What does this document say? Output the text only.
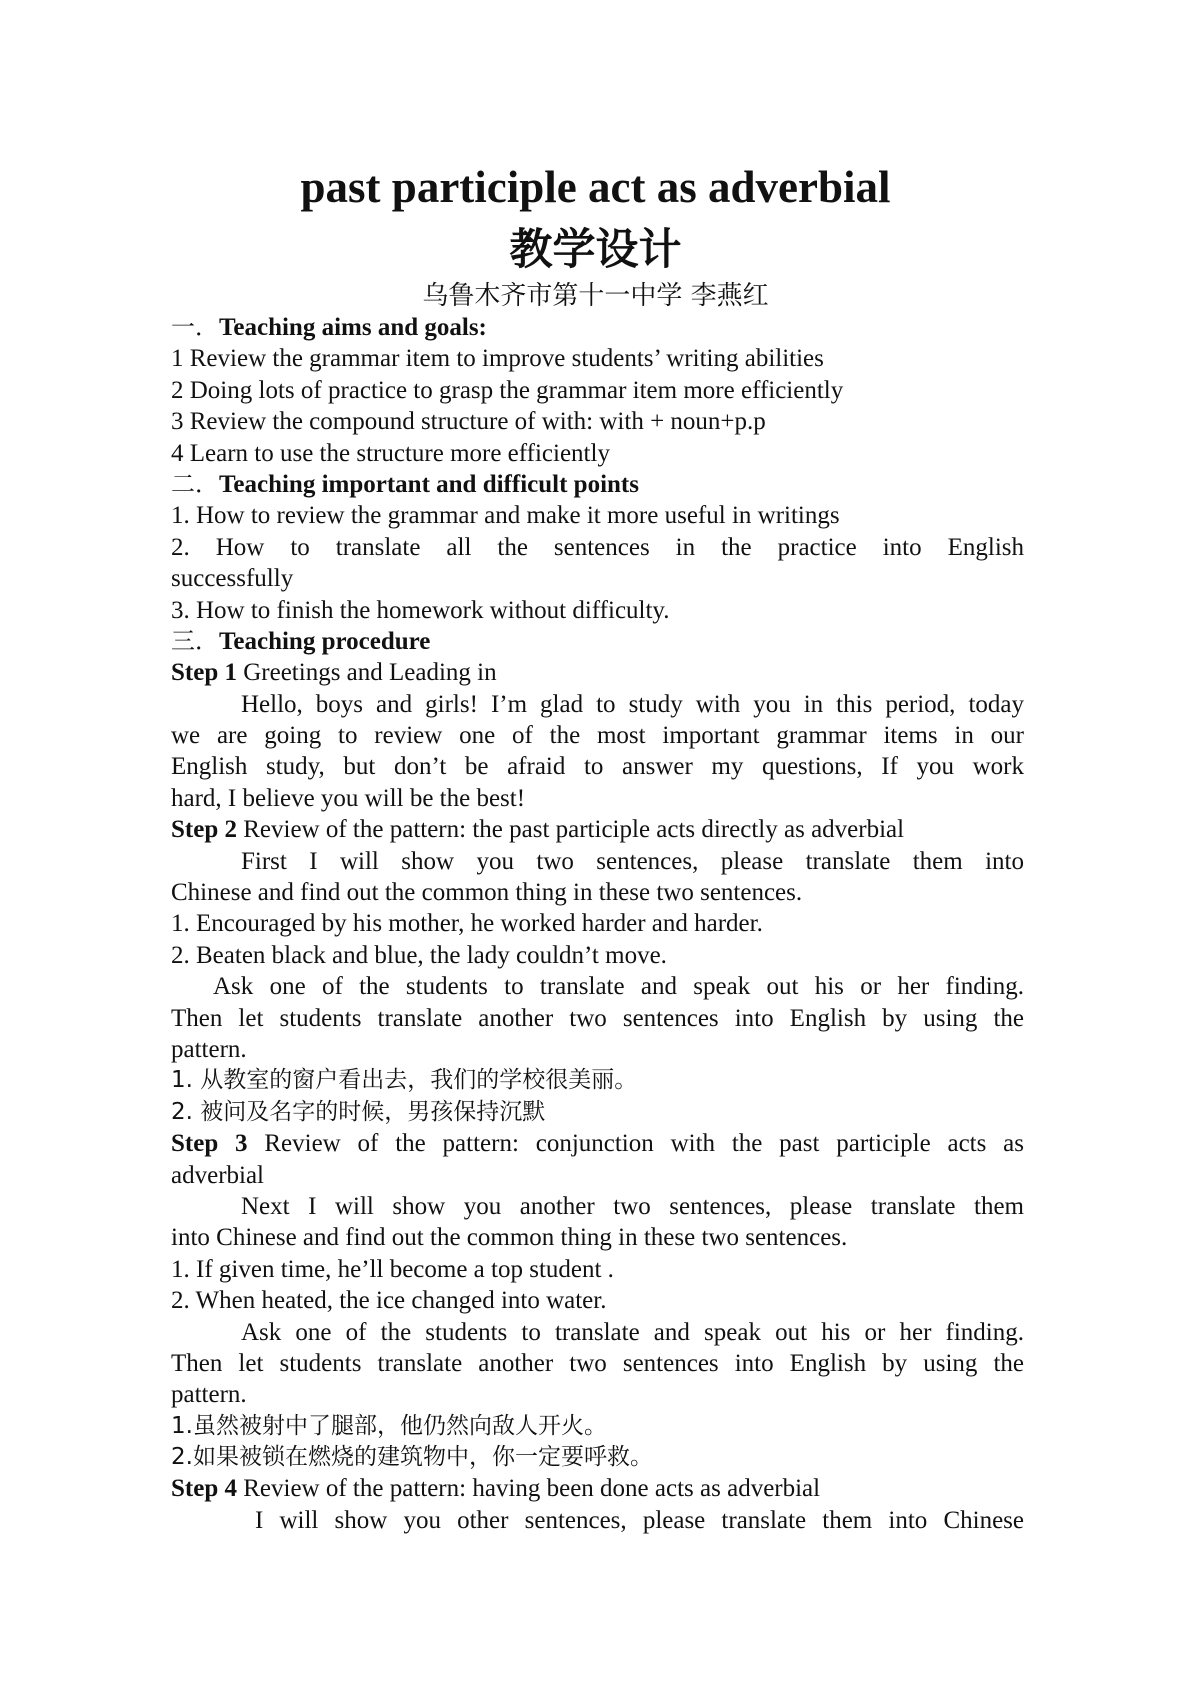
past participle act as adverbial
教学设计
乌鲁木齐市第十一中学 李燕红
一．Teaching aims and goals:
1 Review the grammar item to improve students’ writing abilities
2 Doing lots of practice to grasp the grammar item more efficiently
3 Review the compound structure of with: with + noun+p.p
4 Learn to use the structure more efficiently
二．Teaching important and difficult points
1. How to review the grammar and make it more useful in writings
2. How to translate all the sentences in the practice into English
successfully
3. How to finish the homework without difficulty.
三．Teaching procedure
Step 1 Greetings and Leading in
Hello, boys and girls! I’m glad to study with you in this period, today
we are going to review one of the most important grammar items in our
English study, but don’t be afraid to answer my questions, If you work
hard, I believe you will be the best!
Step 2 Review of the pattern: the past participle acts directly as adverbial
First I will show you two sentences, please translate them into
Chinese and find out the common thing in these two sentences.
1. Encouraged by his mother, he worked harder and harder.
2. Beaten black and blue, the lady couldn’t move.
Ask one of the students to translate and speak out his or her finding.
Then let students translate another two sentences into English by using the
pattern.
1. 从教室的窗户看出去，我们的学校很美丽。
2. 被问及名字的时候，男孩保持沉默
Step 3 Review of the pattern: conjunction with the past participle acts as
adverbial
Next I will show you another two sentences, please translate them
into Chinese and find out the common thing in these two sentences.
1. If given time, he’ll become a top student .
2. When heated, the ice changed into water.
Ask one of the students to translate and speak out his or her finding.
Then let students translate another two sentences into English by using the
pattern.
1.虽然被射中了腿部，他仍然向敌人开火。
2.如果被锁在燃烧的建筑物中，你一定要呼救。
Step 4 Review of the pattern: having been done acts as adverbial
I will show you other sentences, please translate them into Chinese
